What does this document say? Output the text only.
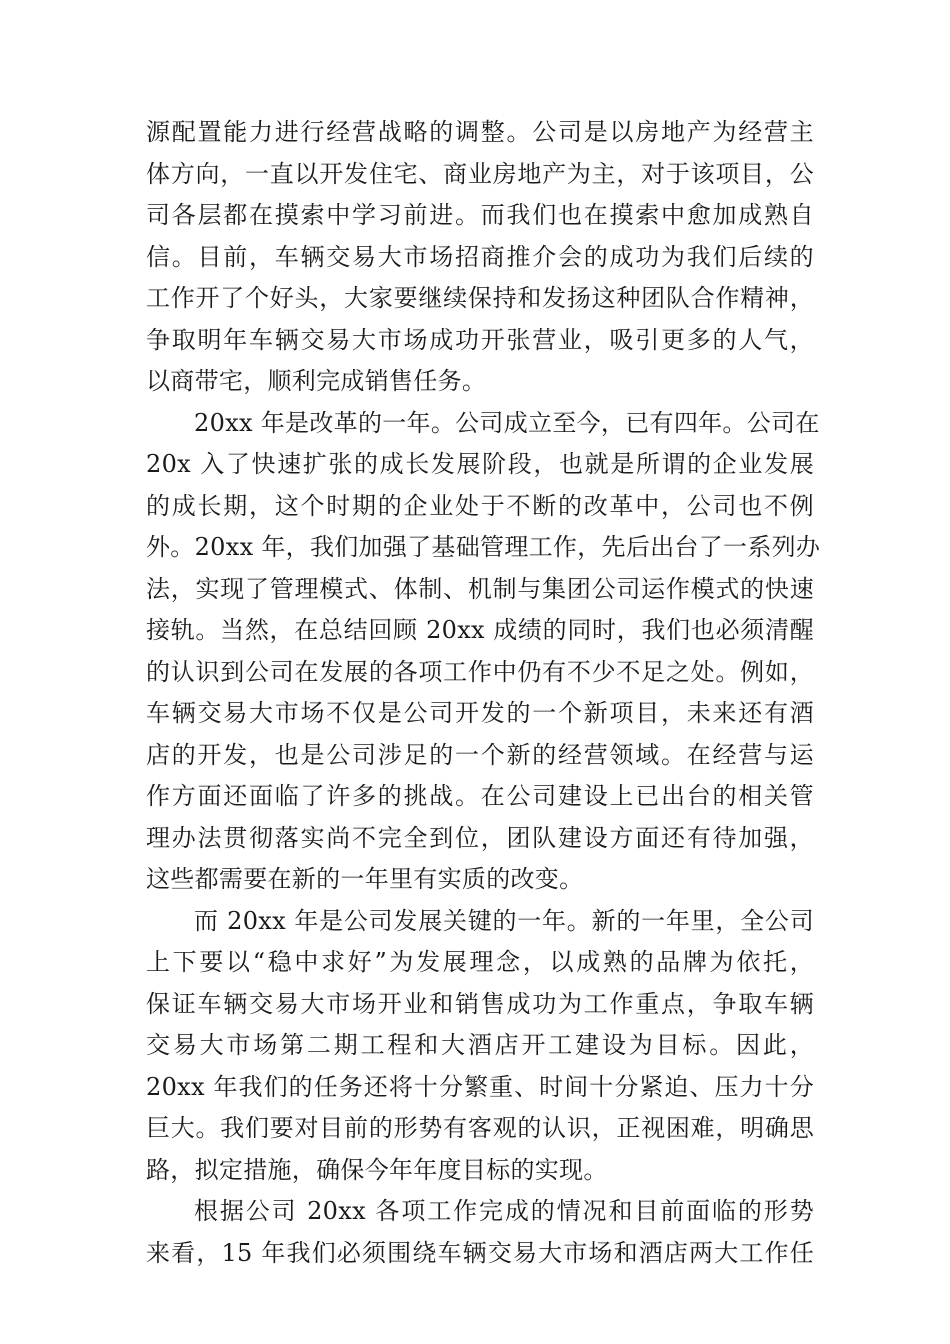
源配置能力进行经营战略的调整。公司是以房地产为经营主
体方向，一直以开发住宅、商业房地产为主，对于该项目，公
司各层都在摸索中学习前进。而我们也在摸索中愈加成熟自
信。目前，车辆交易大市场招商推介会的成功为我们后续的
工作开了个好头，大家要继续保持和发扬这种团队合作精神，
争取明年车辆交易大市场成功开张营业，吸引更多的人气，
以商带宅，顺利完成销售任务。
20xx 年是改革的一年。公司成立至今，已有四年。公司在
20x 入了快速扩张的成长发展阶段，也就是所谓的企业发展
的成长期，这个时期的企业处于不断的改革中，公司也不例
外。20xx 年，我们加强了基础管理工作，先后出台了一系列办
法，实现了管理模式、体制、机制与集团公司运作模式的快速
接轨。当然，在总结回顾 20xx 成绩的同时，我们也必须清醒
的认识到公司在发展的各项工作中仍有不少不足之处。例如，
车辆交易大市场不仅是公司开发的一个新项目，未来还有酒
店的开发，也是公司涉足的一个新的经营领域。在经营与运
作方面还面临了许多的挑战。在公司建设上已出台的相关管
理办法贯彻落实尚不完全到位，团队建设方面还有待加强，
这些都需要在新的一年里有实质的改变。
而 20xx 年是公司发展关键的一年。新的一年里，全公司
上下要以“稳中求好”为发展理念，以成熟的品牌为依托，
保证车辆交易大市场开业和销售成功为工作重点，争取车辆
交易大市场第二期工程和大酒店开工建设为目标。因此，
20xx 年我们的任务还将十分繁重、时间十分紧迫、压力十分
巨大。我们要对目前的形势有客观的认识，正视困难，明确思
路，拟定措施，确保今年年度目标的实现。
根据公司 20xx 各项工作完成的情况和目前面临的形势
来看，15 年我们必须围绕车辆交易大市场和酒店两大工作任
